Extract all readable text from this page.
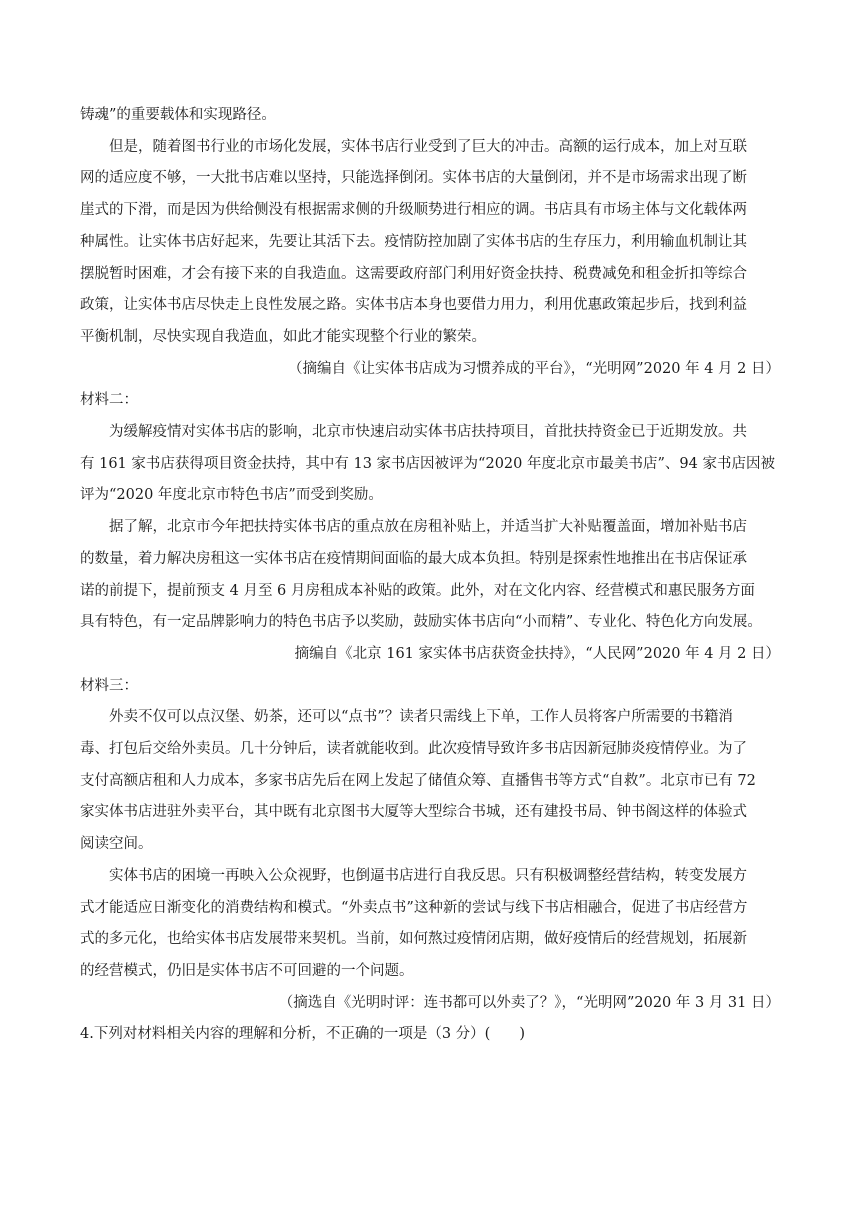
铸魂”的重要载体和实现路径。

但是，随着图书行业的市场化发展，实体书店行业受到了巨大的冲击。高额的运行成本，加上对互联

网的适应度不够，一大批书店难以坚持，只能选择倒闭。实体书店的大量倒闭，并不是市场需求出现了断

崖式的下滑，而是因为供给侧没有根据需求侧的升级顺势进行相应的调。书店具有市场主体与文化载体两

种属性。让实体书店好起来，先要让其活下去。疫情防控加剧了实体书店的生存压力，利用输血机制让其

摆脱暂时困难，才会有接下来的自我造血。这需要政府部门利用好资金扶持、税费减免和租金折扣等综合

政策，让实体书店尽快走上良性发展之路。实体书店本身也要借力用力，利用优惠政策起步后，找到利益

平衡机制，尽快实现自我造血，如此才能实现整个行业的繁荣。

（摘编自《让实体书店成为习惯养成的平台》，“光明网”2020 年 4 月 2 日）

材料二：

为缓解疫情对实体书店的影响，北京市快速启动实体书店扶持项目，首批扶持资金已于近期发放。共

有 161 家书店获得项目资金扶持，其中有 13 家书店因被评为“2020 年度北京市最美书店”、94 家书店因被

评为“2020 年度北京市特色书店”而受到奖励。

据了解，北京市今年把扶持实体书店的重点放在房租补贴上，并适当扩大补贴覆盖面，增加补贴书店

的数量，着力解决房租这一实体书店在疫情期间面临的最大成本负担。特别是探索性地推出在书店保证承

诺的前提下，提前预支 4 月至 6 月房租成本补贴的政策。此外，对在文化内容、经营模式和惠民服务方面

具有特色，有一定品牌影响力的特色书店予以奖励，鼓励实体书店向“小而精”、专业化、特色化方向发展。

摘编自《北京 161 家实体书店获资金扶持》，“人民网”2020 年 4 月 2 日）

材料三：

外卖不仅可以点汉堡、奶茶，还可以“点书”？读者只需线上下单，工作人员将客户所需要的书籍消

毒、打包后交给外卖员。几十分钟后，读者就能收到。此次疫情导致许多书店因新冠肺炎疫情停业。为了

支付高额店租和人力成本，多家书店先后在网上发起了储值众筹、直播售书等方式“自救”。北京市已有 72

家实体书店进驻外卖平台，其中既有北京图书大厦等大型综合书城，还有建投书局、钟书阁这样的体验式

阅读空间。

实体书店的困境一再映入公众视野，也倒逼书店进行自我反思。只有积极调整经营结构，转变发展方

式才能适应日渐变化的消费结构和模式。“外卖点书”这种新的尝试与线下书店相融合，促进了书店经营方

式的多元化，也给实体书店发展带来契机。当前，如何熬过疫情闭店期，做好疫情后的经营规划，拓展新

的经营模式，仍旧是实体书店不可回避的一个问题。

（摘选自《光明时评：连书都可以外卖了？》，“光明网”2020 年 3 月 31 日）

4.下列对材料相关内容的理解和分析，不正确的一项是（3 分）(　　)
